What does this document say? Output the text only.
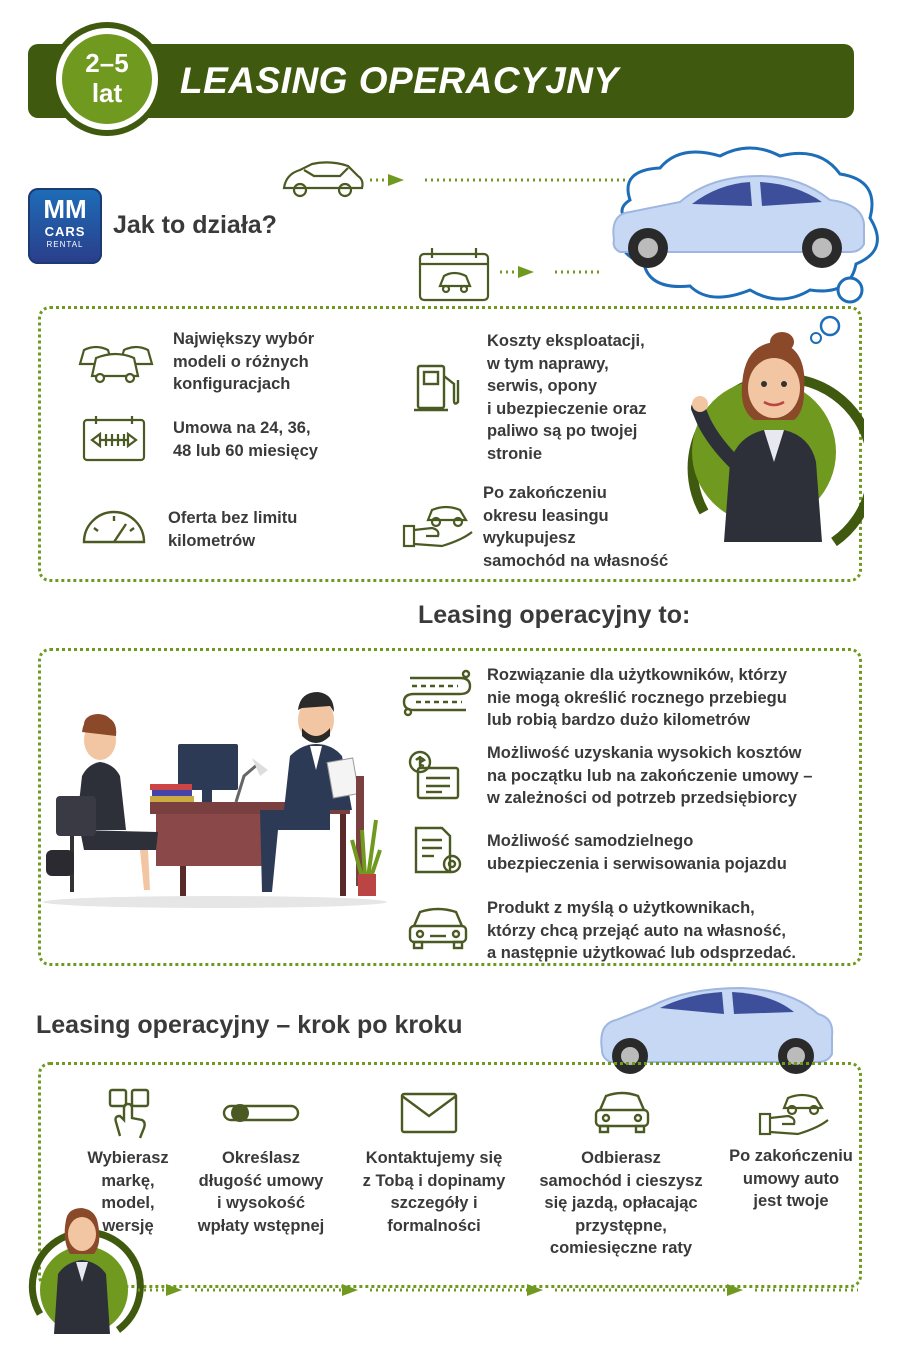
2–5
lat	LEASING OPERACYJNY
MM
CARS
RENTAL
Jak to działa?
Największy wybór
modeli o różnych
konfiguracjach
Umowa na 24, 36,
48 lub 60 miesięcy
Oferta bez limitu
kilometrów
Koszty eksploatacji,
w tym naprawy,
serwis, opony
i ubezpieczenie oraz
paliwo są po twojej
stronie
Po zakończeniu
okresu leasingu
wykupujesz
samochód na własność
Leasing operacyjny to:
Rozwiązanie dla użytkowników, którzy
nie mogą określić rocznego przebiegu
lub robią bardzo dużo kilometrów
Możliwość uzyskania wysokich kosztów
na początku lub na zakończenie umowy –
w zależności od potrzeb przedsiębiorcy
Możliwość samodzielnego
ubezpieczenia i serwisowania pojazdu
Produkt z myślą o użytkownikach,
którzy chcą przejąć auto na własność,
a następnie użytkować lub odsprzedać.
Leasing operacyjny – krok po kroku
Wybierasz
markę,
model,
wersję
Określasz
długość umowy
i wysokość
wpłaty wstępnej
Kontaktujemy się
z Tobą i dopinamy
szczegóły i
formalności
Odbierasz
samochód i cieszysz
się jazdą, opłacając
przystępne,
comiesięczne raty
Po zakończeniu
umowy auto
jest twoje
